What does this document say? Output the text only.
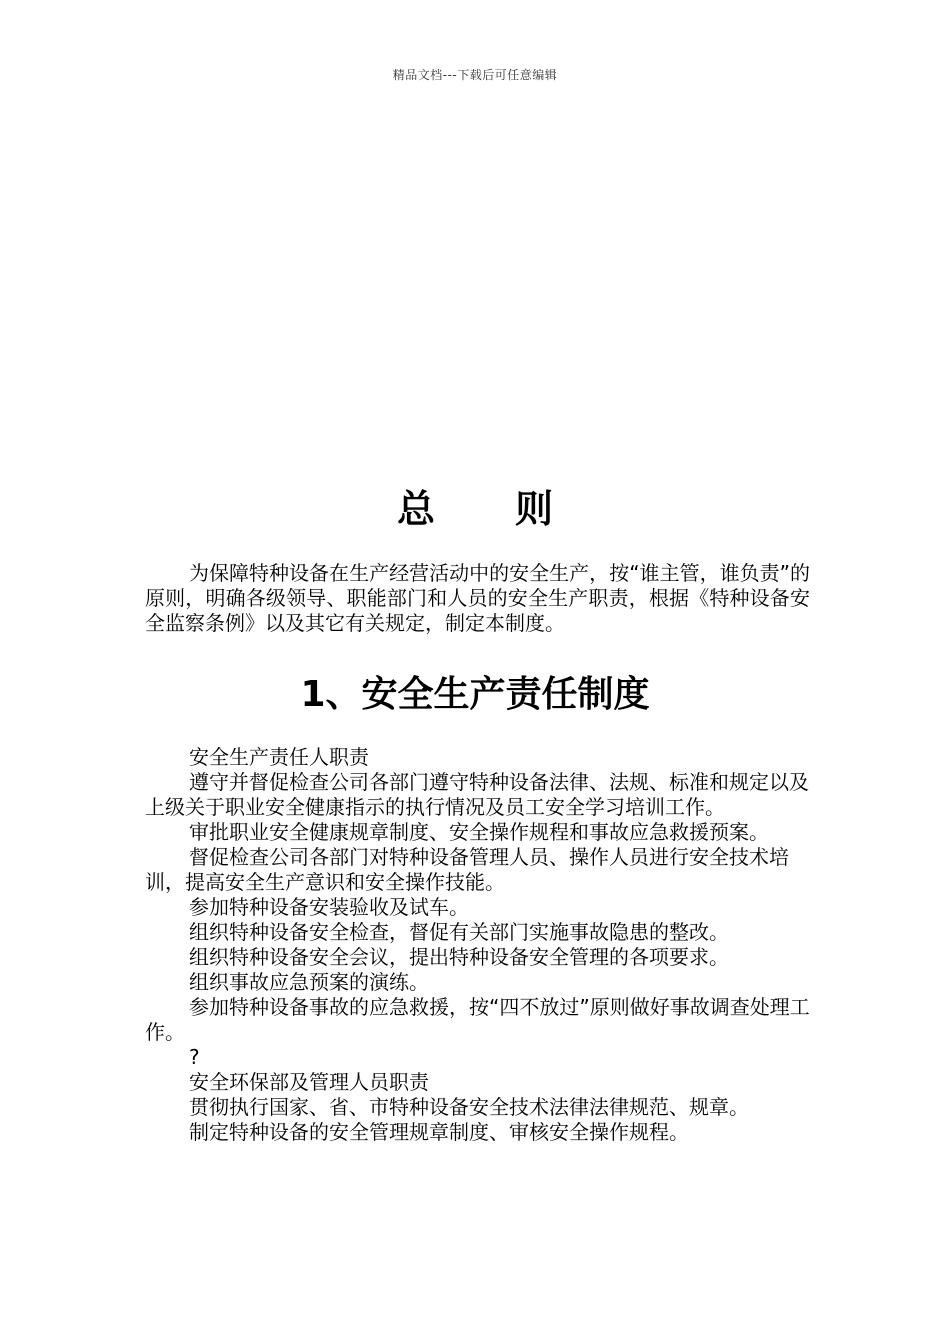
精品文档---下载后可任意编辑
总 则
为保障特种设备在生产经营活动中的安全生产，按“谁主管，谁负责”的原则，明确各级领导、职能部门和人员的安全生产职责，根据《特种设备安全监察条例》以及其它有关规定，制定本制度。
1、安全生产责任制度

安全生产责任人职责

遵守并督促检查公司各部门遵守特种设备法律、法规、标准和规定以及上级关于职业安全健康指示的执行情况及员工安全学习培训工作。

审批职业安全健康规章制度、安全操作规程和事故应急救援预案。

督促检查公司各部门对特种设备管理人员、操作人员进行安全技术培训，提高安全生产意识和安全操作技能。

参加特种设备安装验收及试车。

组织特种设备安全检查，督促有关部门实施事故隐患的整改。

组织特种设备安全会议，提出特种设备安全管理的各项要求。

组织事故应急预案的演练。

参加特种设备事故的应急救援，按“四不放过”原则做好事故调查处理工作。

?

安全环保部及管理人员职责

贯彻执行国家、省、市特种设备安全技术法律法律规范、规章。

制定特种设备的安全管理规章制度、审核安全操作规程。
